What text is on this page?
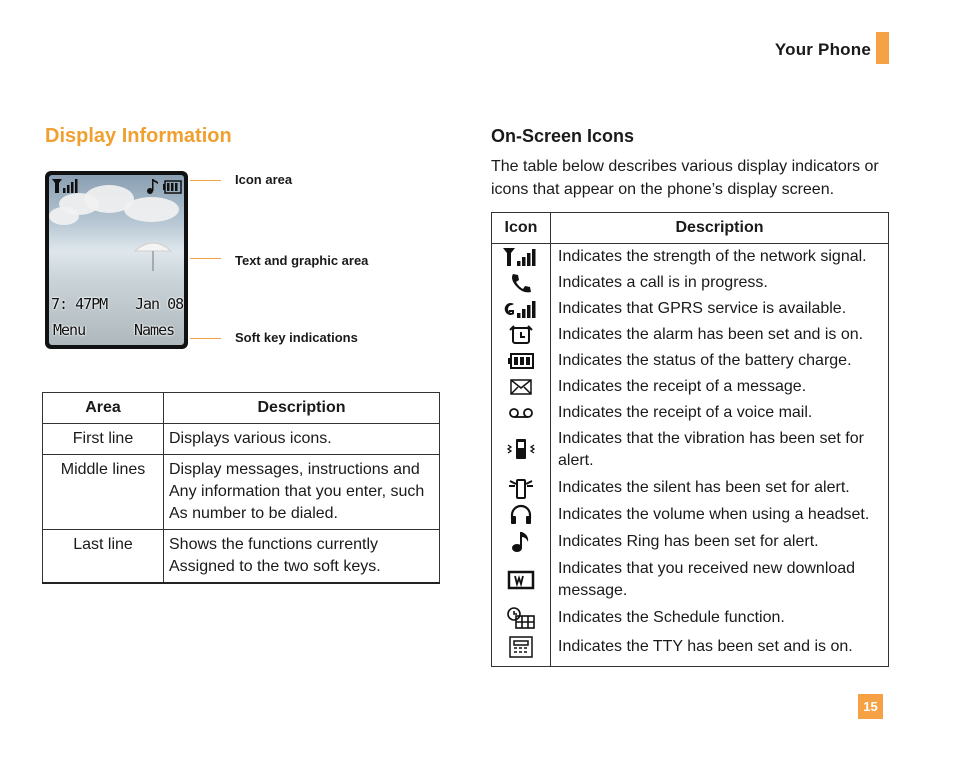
Your Phone
Display Information
7: 47PM Jan 08
Menu	Names
Icon area
Text and graphic area
Soft key indications
Area	Description
First line	Displays various icons.
Middle lines	Display messages, instructions and Any information that you enter, such As number to be dialed.
Last line	Shows the functions currently Assigned to the two soft keys.
On-Screen Icons
The table below describes various display indicators or icons that appear on the phone’s display screen.
Icon	Description

	Indicates the strength of the network signal.

	Indicates a call is in progress.

	Indicates that GPRS service is available.

	Indicates the alarm has been set and is on.

	Indicates the status of the battery charge.

	Indicates the receipt of a message.

	Indicates the receipt of a voice mail.

	Indicates that the vibration has been set for alert.

	Indicates the silent has been set for alert.

	Indicates the volume when using a headset.

	Indicates Ring has been set for alert.

	Indicates that you received new download message.

	Indicates the Schedule function.

	Indicates the TTY has been set and is on.
15
